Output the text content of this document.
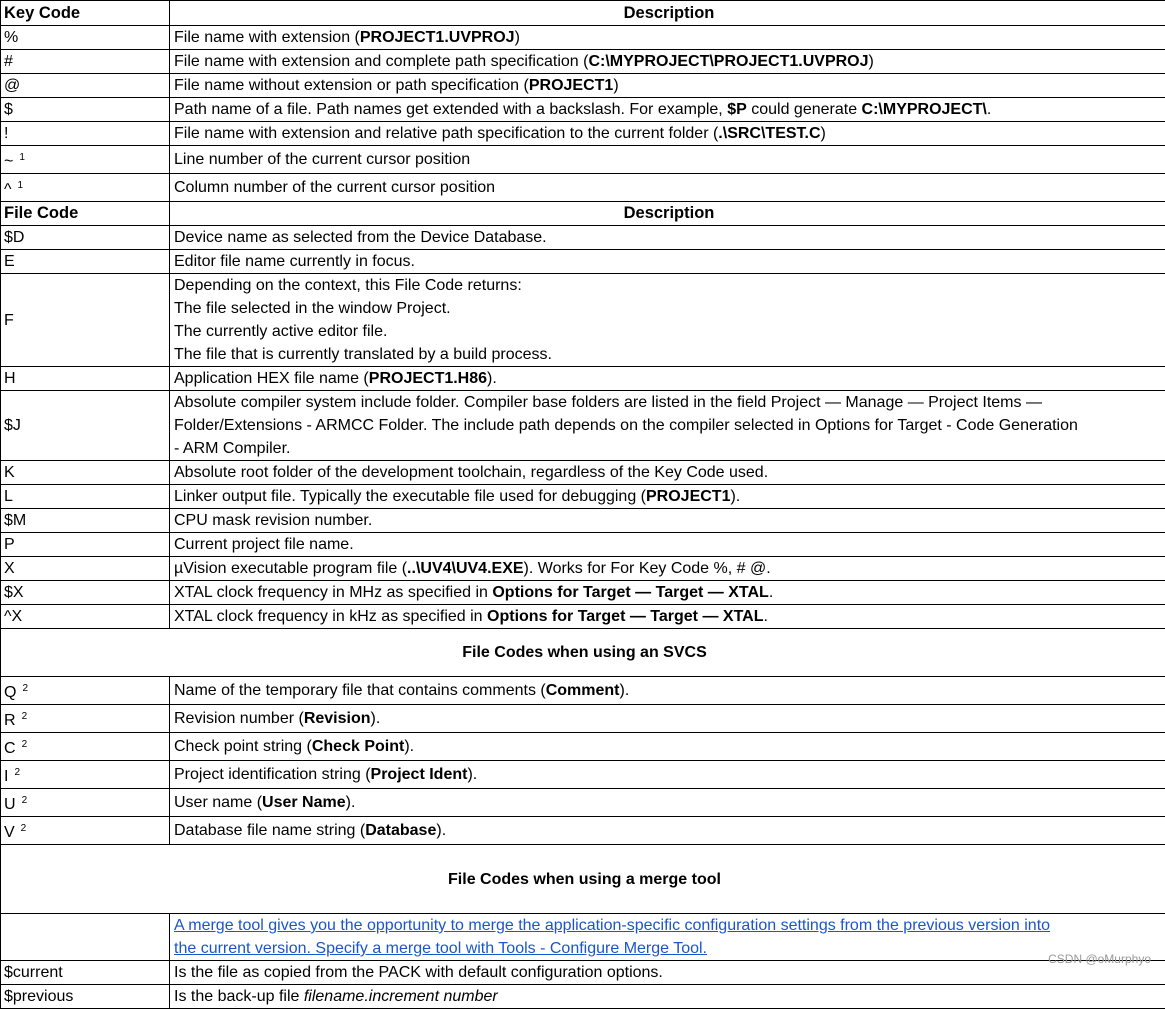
Key Code	Description
%	File name with extension (PROJECT1.UVPROJ)
#	File name with extension and complete path specification (C:\MYPROJECT\PROJECT1.UVPROJ)
@	File name without extension or path specification (PROJECT1)
$	Path name of a file. Path names get extended with a backslash. For example, $P could generate C:\MYPROJECT\.
!	File name with extension and relative path specification to the current folder (.\SRC\TEST.C)
~ $^1$	Line number of the current cursor position
^ $^1$	Column number of the current cursor position
File Code	Description
$D	Device name as selected from the Device Database.
E	Editor file name currently in focus.
F	Depending on the context, this File Code returns:
The file selected in the window Project.
The currently active editor file.
The file that is currently translated by a build process.

H	Application HEX file name (PROJECT1.H86).
$J	Absolute compiler system include folder. Compiler base folders are listed in the field Project — Manage — Project Items —
Folder/Extensions - ARMCC Folder. The include path depends on the compiler selected in Options for Target - Code Generation
- ARM Compiler.

K	Absolute root folder of the development toolchain, regardless of the Key Code used.
L	Linker output file. Typically the executable file used for debugging (PROJECT1).
$M	CPU mask revision number.
P	Current project file name.
X	µVision executable program file (..\UV4\UV4.EXE). Works for For Key Code %, # @.
$X	XTAL clock frequency in MHz as specified in Options for Target — Target — XTAL.
^X	XTAL clock frequency in kHz as specified in Options for Target — Target — XTAL.
File Codes when using an SVCS	
Q $^2$	Name of the temporary file that contains comments (Comment).
R $^2$	Revision number (Revision).
C $^2$	Check point string (Check Point).
I $^2$	Project identification string (Project Ident).
U $^2$	User name (User Name).
V $^2$	Database file name string (Database).
File Codes when using a merge tool	

	A merge tool gives you the opportunity to merge the application-specific configuration settings from the previous version into
the current version. Specify a merge tool with Tools - Configure Merge Tool.

$current	Is the file as copied from the PACK with default configuration options.
$previous	Is the back-up file filename.increment number
CSDN @oMurphyo
